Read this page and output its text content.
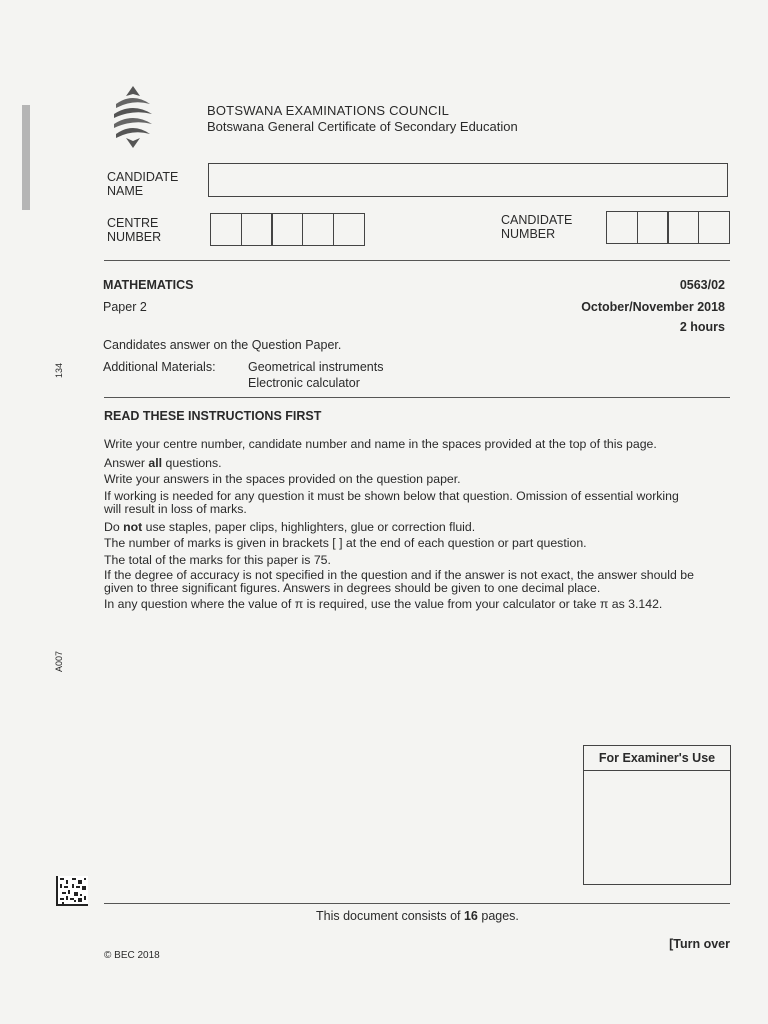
BOTSWANA EXAMINATIONS COUNCIL
Botswana General Certificate of Secondary Education
CANDIDATE
NAME
CENTRE
NUMBER
CANDIDATE
NUMBER
MATHEMATICS	0563/02
Paper 2	October/November 2018
2 hours
Candidates answer on the Question Paper.
Additional Materials:	Geometrical instruments
Electronic calculator
READ THESE INSTRUCTIONS FIRST

Write your centre number, candidate number and name in the spaces provided at the top of this page.

Answer all questions.

Write your answers in the spaces provided on the question paper.

If working is needed for any question it must be shown below that question. Omission of essential working
will result in loss of marks.

Do not use staples, paper clips, highlighters, glue or correction fluid.

The number of marks is given in brackets [ ] at the end of each question or part question.

The total of the marks for this paper is 75.

If the degree of accuracy is not specified in the question and if the answer is not exact, the answer should be
given to three significant figures. Answers in degrees should be given to one decimal place.

In any question where the value of π is required, use the value from your calculator or take π as 3.142.

134
A007
For Examiner's Use
This document consists of 16 pages.
[Turn over
© BEC 2018
